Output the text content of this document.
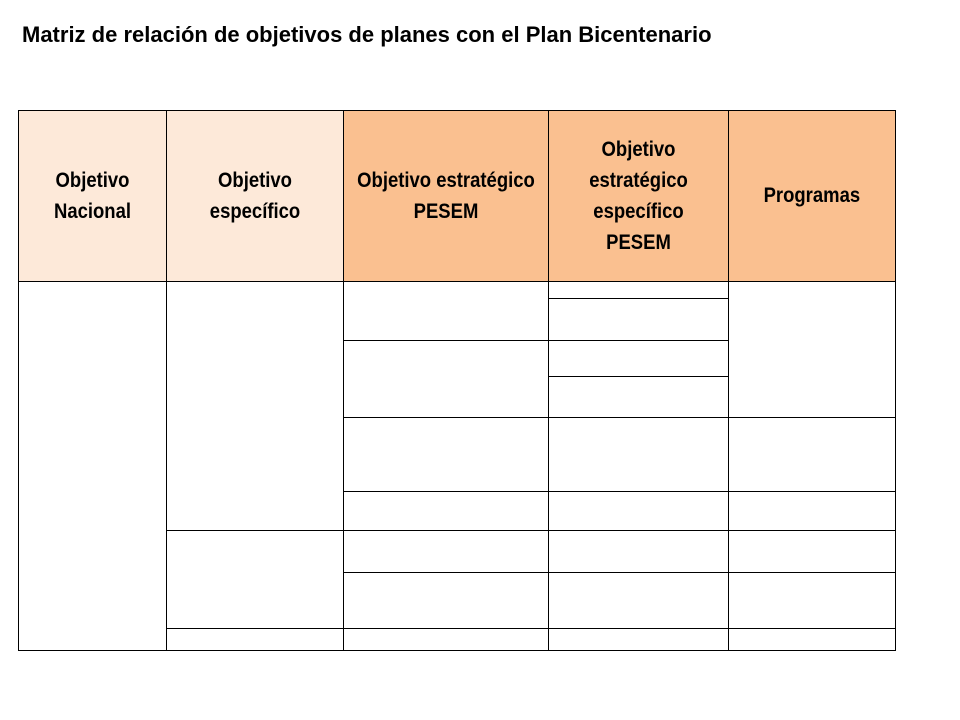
Matriz de relación de objetivos de planes con el Plan Bicentenario
Objetivo Nacional	Objetivo específico	Objetivo estratégico PESEM	Objetivo estratégico específico PESEM	Programas
